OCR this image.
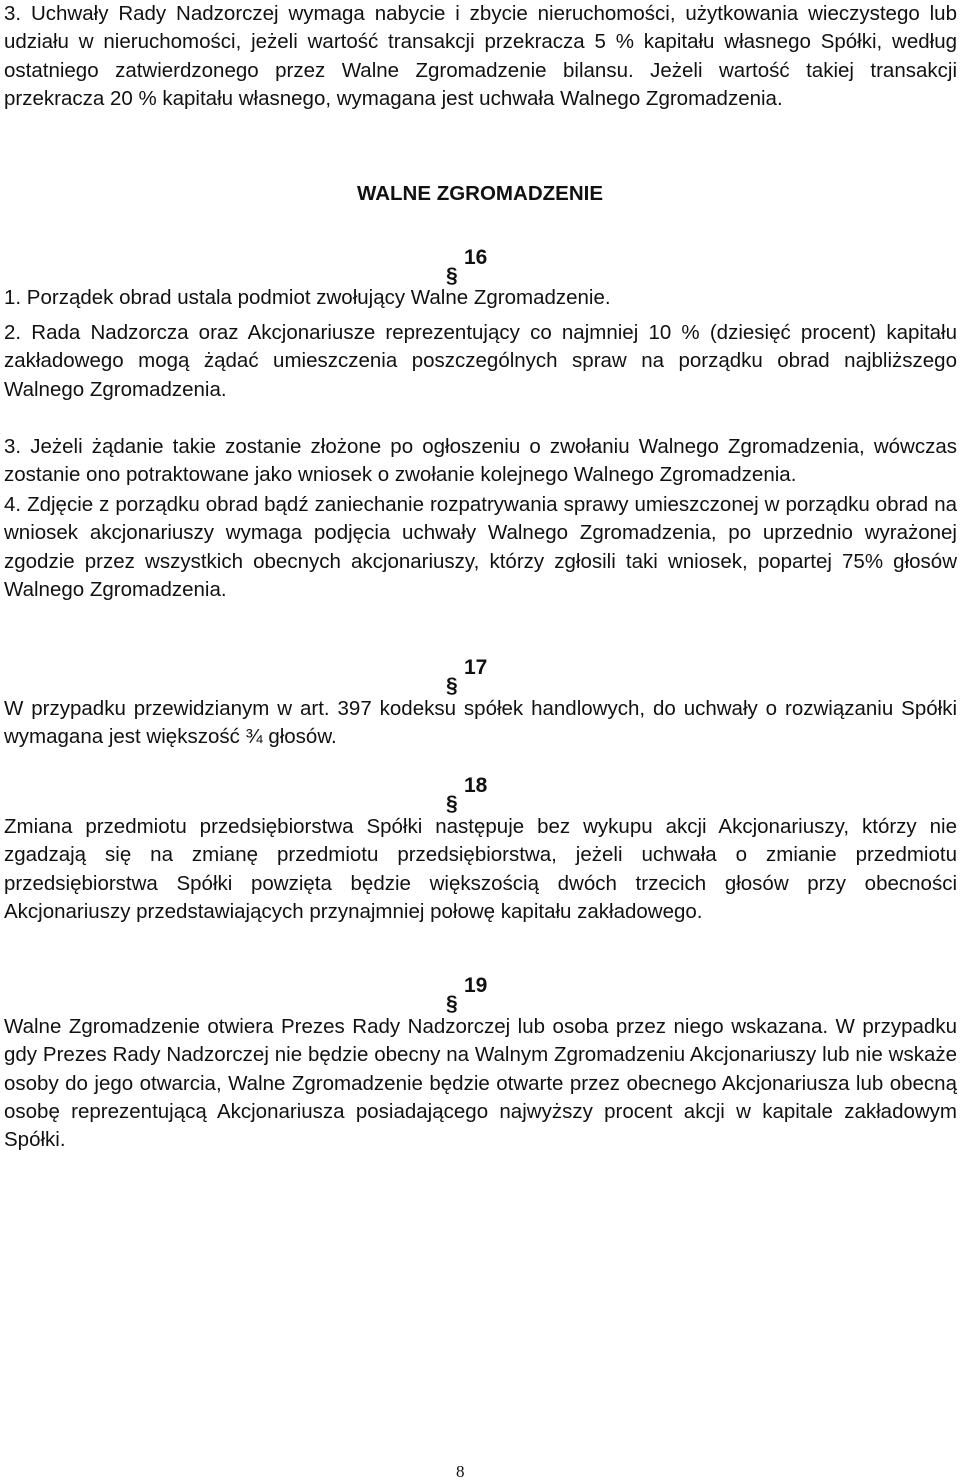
3. Uchwały Rady Nadzorczej wymaga nabycie i zbycie nieruchomości, użytkowania wieczystego lub udziału w nieruchomości, jeżeli wartość transakcji przekracza 5 % kapitału własnego Spółki, według ostatniego zatwierdzonego przez Walne Zgromadzenie bilansu. Jeżeli wartość takiej transakcji przekracza 20 % kapitału własnego, wymagana jest uchwała Walnego Zgromadzenia.

WALNE ZGROMADZENIE
16

1. Porządek obrad ustala podmiot zwołujący Walne Zgromadzenie.

2. Rada Nadzorcza oraz Akcjonariusze reprezentujący co najmniej 10 % (dziesięć procent) kapitału zakładowego mogą żądać umieszczenia poszczególnych spraw na porządku obrad najbliższego Walnego Zgromadzenia.

3. Jeżeli żądanie takie zostanie złożone po ogłoszeniu o zwołaniu Walnego Zgromadzenia, wówczas zostanie ono potraktowane jako wniosek o zwołanie kolejnego Walnego Zgromadzenia.

4. Zdjęcie z porządku obrad bądź zaniechanie rozpatrywania sprawy umieszczonej w porządku obrad na wniosek akcjonariuszy wymaga podjęcia uchwały Walnego Zgromadzenia, po uprzednio wyrażonej zgodzie przez wszystkich obecnych akcjonariuszy, którzy zgłosili taki wniosek, popartej 75% głosów Walnego Zgromadzenia.

17

W przypadku przewidzianym w art. 397 kodeksu spółek handlowych, do uchwały o rozwiązaniu Spółki wymagana jest większość ¾ głosów.

18

Zmiana przedmiotu przedsiębiorstwa Spółki następuje bez wykupu akcji Akcjonariuszy, którzy nie zgadzają się na zmianę przedmiotu przedsiębiorstwa, jeżeli uchwała o zmianie przedmiotu przedsiębiorstwa Spółki powzięta będzie większością dwóch trzecich głosów przy obecności Akcjonariuszy przedstawiających przynajmniej połowę kapitału zakładowego.

19

Walne Zgromadzenie otwiera Prezes Rady Nadzorczej lub osoba przez niego wskazana. W przypadku gdy Prezes Rady Nadzorczej nie będzie obecny na Walnym Zgromadzeniu Akcjonariuszy lub nie wskaże osoby do jego otwarcia, Walne Zgromadzenie będzie otwarte przez obecnego Akcjonariusza lub obecną osobę reprezentującą Akcjonariusza posiadającego najwyższy procent akcji w kapitale zakładowym Spółki.

8
